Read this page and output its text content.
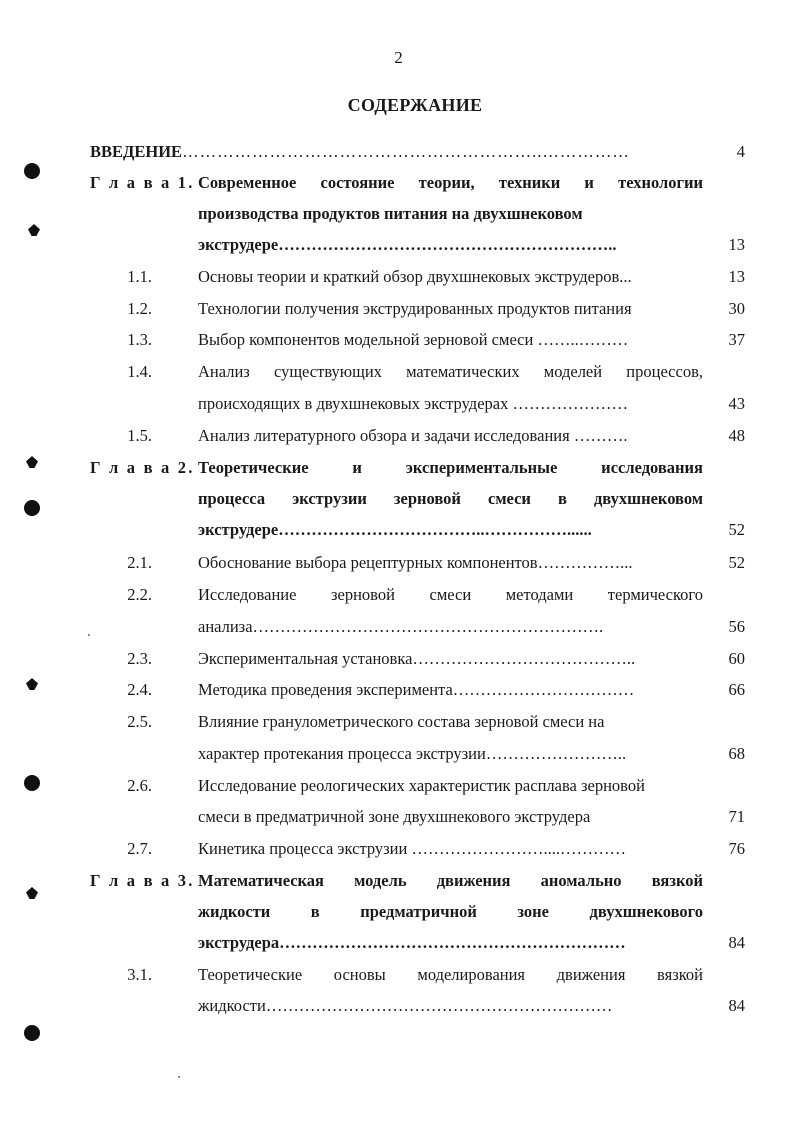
2
СОДЕРЖАНИЕ
ВВЕДЕНИЕ……………………………………………………..……………	4
Г л а в а 1. Современное состояние теории, техники и технологии
производства продуктов питания на двухшнековом
экструдере……………………………………………………..	13
1.1.	Основы теории и краткий обзор двухшнековых экструдеров...	13
1.2.	Технологии получения экструдированных продуктов питания	30
1.3.	Выбор компонентов модельной зерновой смеси ……..………	37
1.4.	Анализ существующих математических моделей процессов,
происходящих в двухшнековых экструдерах …………………	43
1.5.	Анализ литературного обзора и задачи исследования ……….	48
Г л а в а 2. Теоретические и экспериментальные исследования
процесса экструзии зерновой смеси в двухшнековом
экструдере………………………………..……………......	52
2.1.	Обоснование выбора рецептурных компонентов……………...	52
2.2.	Исследование зерновой смеси методами термического
анализа……………………………………………………….	56
2.3.	Экспериментальная установка…………………………………..	60
2.4.	Методика проведения эксперимента……………………………	66
2.5.	Влияние гранулометрического состава зерновой смеси на
характер протекания процесса экструзии……………………..	68
2.6.	Исследование реологических характеристик расплава зерновой
смеси в предматричной зоне двухшнекового экструдера	71
2.7.	Кинетика процесса экструзии ……………………....…………	76
Г л а в а 3. Математическая модель движения аномально вязкой
жидкости в предматричной зоне двухшнекового
экструдера………………………………………………………	84
3.1.	Теоретические основы моделирования движения вязкой
жидкости………………………………………………………	84
